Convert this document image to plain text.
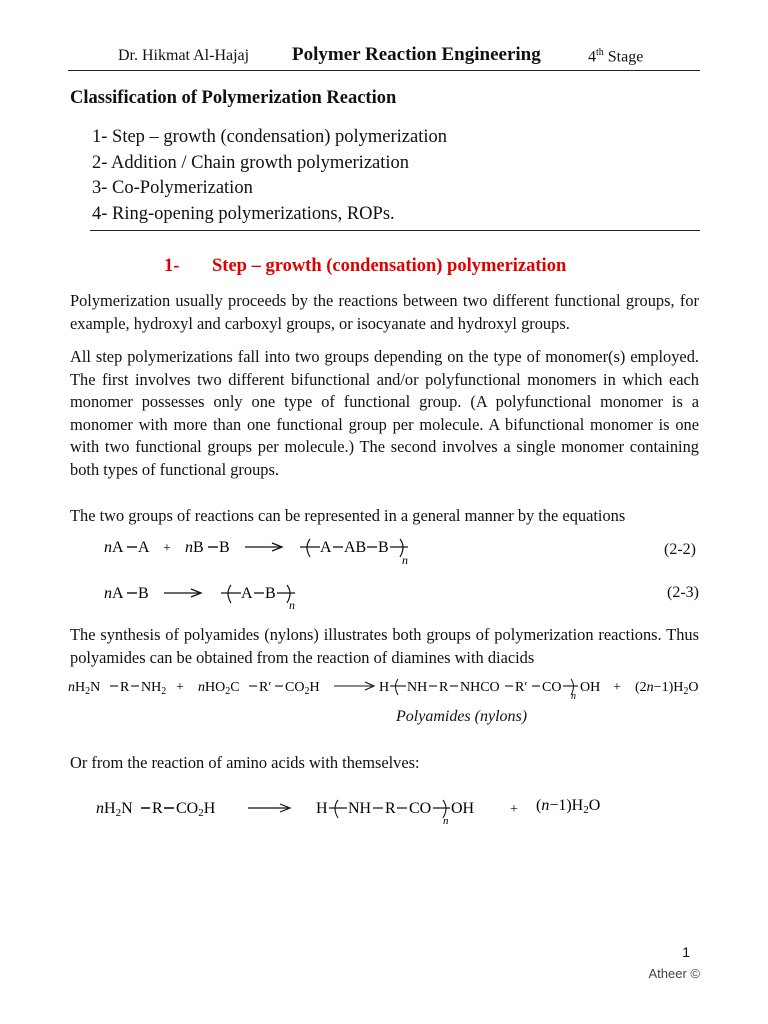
Dr. Hikmat Al-Hajaj Polymer Reaction Engineering	4th Stage
Classification of Polymerization Reaction
1- Step – growth (condensation) polymerization
2- Addition / Chain growth polymerization
3- Co-Polymerization
4- Ring-opening polymerizations, ROPs.
1- Step – growth (condensation) polymerization
Polymerization usually proceeds by the reactions between two different functional groups, for example, hydroxyl and carboxyl groups, or isocyanate and hydroxyl groups.
All step polymerizations fall into two groups depending on the type of monomer(s) employed. The first involves two different bifunctional and/or polyfunctional monomers in which each monomer possesses only one type of functional group. (A polyfunctional monomer is a monomer with more than one functional group per molecule. A bifunctional monomer is one with two functional groups per molecule.) The second involves a single monomer containing both types of functional groups.
The two groups of reactions can be represented in a general manner by the equations
nA A + nB B	A AB B
n
(2-2)
nA B	A B
n
(2-3)
The synthesis of polyamides (nylons) illustrates both groups of polymerization reactions. Thus polyamides can be obtained from the reaction of diamines with diacids
$nH_2N$ R $NH_2 + nHO_2C$ R′ $CO_2H$	H NH R NHCO R′ CO
n
OH + $(2n-1)H_2O$
Polyamides (nylons)
Or from the reaction of amino acids with themselves:
nH2N R CO2H	H NH R CO
n
OH	+ (n−1)H2O
1
Atheer ©
